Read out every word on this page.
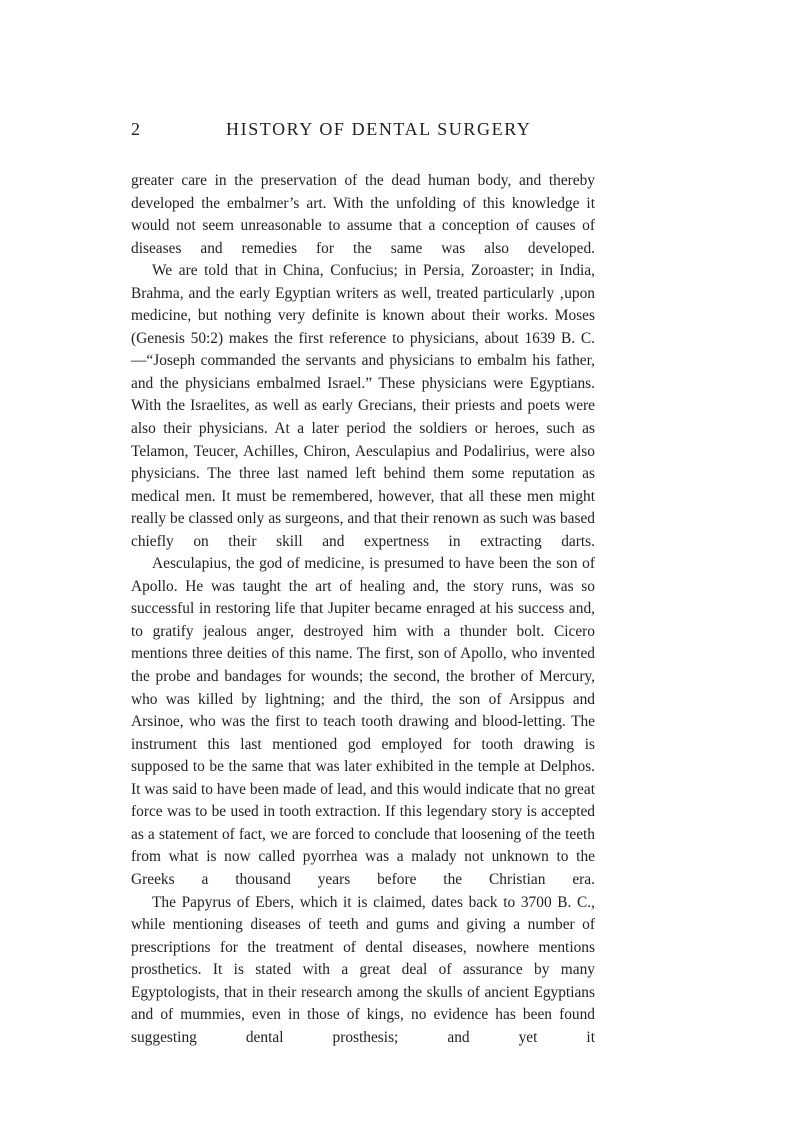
2	HISTORY OF DENTAL SURGERY

greater care in the preservation of the dead human body, and thereby developed the embalmer’s art. With the unfolding of this knowledge it would not seem unreasonable to assume that a conception of causes of diseases and remedies for the same was also developed.

We are told that in China, Confucius; in Persia, Zoroaster; in India, Brahma, and the early Egyptian writers as well, treated particularly ‚upon medicine, but nothing very definite is known about their works. Moses (Genesis 50:2) makes the first reference to physicians, about 1639 B. C.—“Joseph commanded the servants and physicians to embalm his father, and the physicians embalmed Israel.” These physicians were Egyptians. With the Israelites, as well as early Grecians, their priests and poets were also their physicians. At a later period the soldiers or heroes, such as Telamon, Teucer, Achilles, Chiron, Aesculapius and Podalirius, were also physicians. The three last named left behind them some reputation as medical men. It must be remembered, however, that all these men might really be classed only as surgeons, and that their renown as such was based chiefly on their skill and expertness in extracting darts.

Aesculapius, the god of medicine, is presumed to have been the son of Apollo. He was taught the art of healing and, the story runs, was so successful in restoring life that Jupiter became enraged at his success and, to gratify jealous anger, destroyed him with a thunder bolt. Cicero mentions three deities of this name. The first, son of Apollo, who invented the probe and bandages for wounds; the second, the brother of Mercury, who was killed by lightning; and the third, the son of Arsippus and Arsinoe, who was the first to teach tooth drawing and blood-letting. The instrument this last mentioned god employed for tooth drawing is supposed to be the same that was later exhibited in the temple at Delphos. It was said to have been made of lead, and this would indicate that no great force was to be used in tooth extraction. If this legendary story is accepted as a statement of fact, we are forced to conclude that loosening of the teeth from what is now called pyorrhea was a malady not unknown to the Greeks a thousand years before the Christian era.

The Papyrus of Ebers, which it is claimed, dates back to 3700 B. C., while mentioning diseases of teeth and gums and giving a number of prescriptions for the treatment of dental diseases, nowhere mentions prosthetics. It is stated with a great deal of assurance by many Egyptologists, that in their research among the skulls of ancient Egyptians and of mummies, even in those of kings, no evidence has been found suggesting dental prosthesis; and yet it
